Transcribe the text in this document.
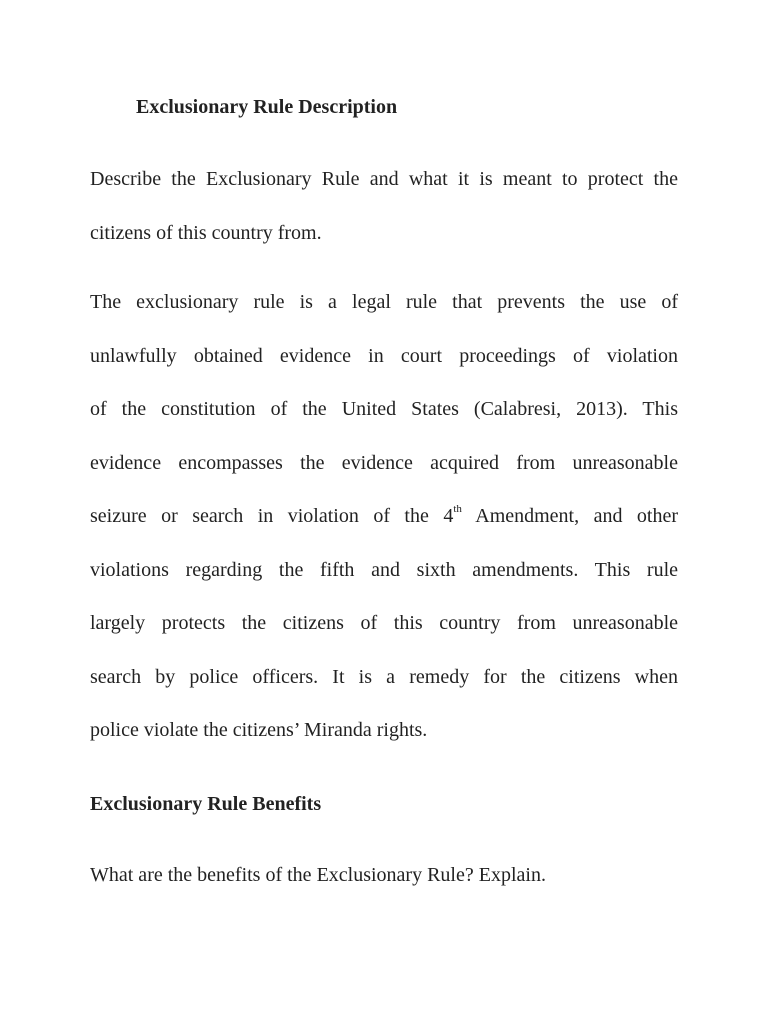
Exclusionary Rule Description
Describe the Exclusionary Rule and what it is meant to protect the citizens of this country from.
The exclusionary rule is a legal rule that prevents the use of
unlawfully obtained evidence in court proceedings of violation
of the constitution of the United States (Calabresi, 2013). This
evidence encompasses the evidence acquired from unreasonable
seizure or search in violation of the 4th Amendment, and other
violations regarding the fifth and sixth amendments. This rule
largely protects the citizens of this country from unreasonable
search by police officers. It is a remedy for the citizens when
police violate the citizens’ Miranda rights.
Exclusionary Rule Benefits
What are the benefits of the Exclusionary Rule? Explain.
